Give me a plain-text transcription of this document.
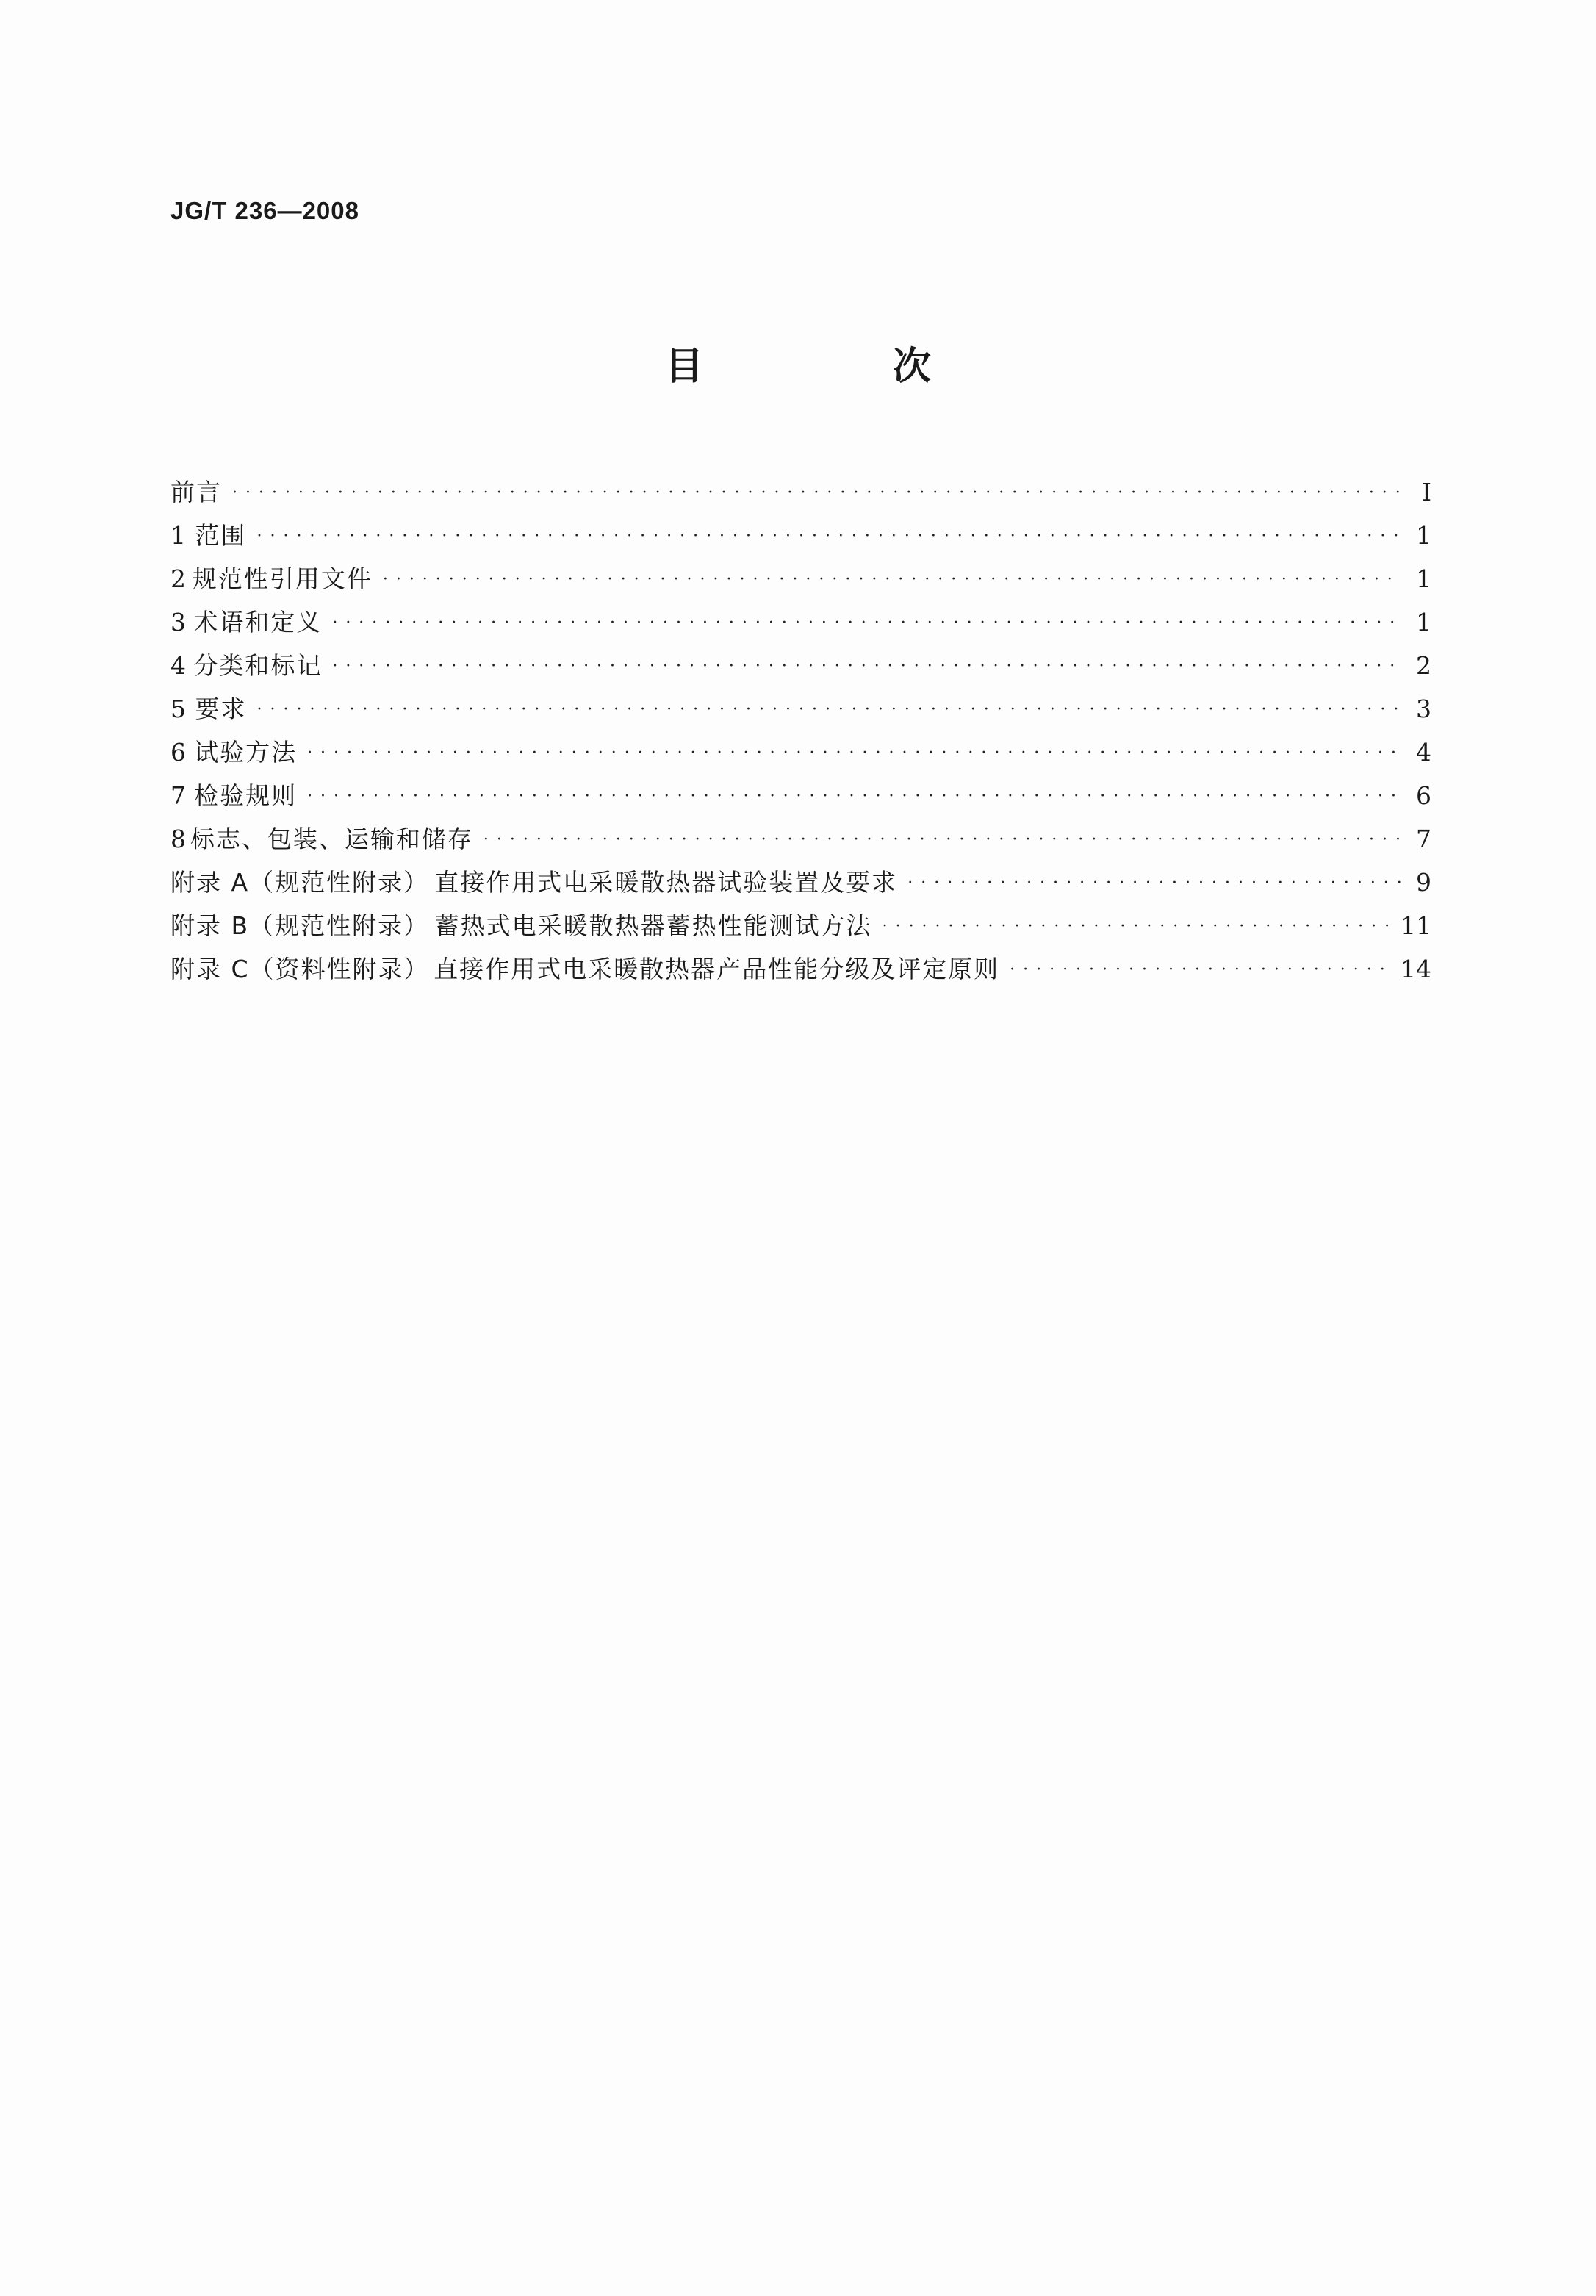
JG/T 236—2008
目 次
前言 · · ·	Ⅰ
1 范围 · · ·	1
2 规范性引用文件 · · ·	1
3 术语和定义 · · ·	1
4 分类和标记 · · ·	2
5 要求 · · ·	3
6 试验方法 · · ·	4
7 检验规则 · · ·	6
8 标志、包装、运输和储存 · · ·	7
附录 A（规范性附录） 直接作用式电采暖散热器试验装置及要求 · · ·	9
附录 B（规范性附录） 蓄热式电采暖散热器蓄热性能测试方法 · · ·	11
附录 C（资料性附录） 直接作用式电采暖散热器产品性能分级及评定原则 · · ·	14
